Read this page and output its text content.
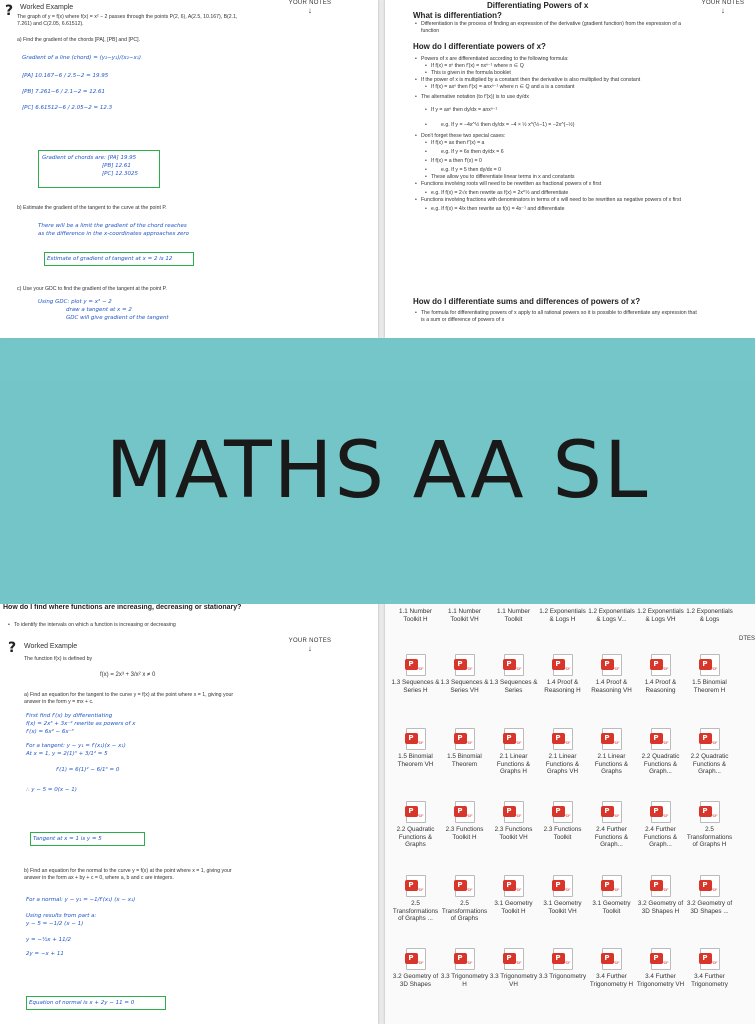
? Worked Example
YOUR NOTES
↓
The graph of y = f(x) where f(x) = x² − 2 passes through the points P(2, 6), A(2.5, 10.167), B(2.1, 7.261) and C(2.05, 6.61512).
a) Find the gradient of the chords [PA], [PB] and [PC].
Gradient of a line (chord) = (y₂−y₁)/(x₂−x₁)
[PA] 10.167−6 / 2.5−2 = 19.95
[PB] 7.261−6 / 2.1−2 = 12.61
[PC] 6.61512−6 / 2.05−2 = 12.3
Gradient of chords are: [PA] 19.95
[PB] 12.61
[PC] 12.3025
b) Estimate the gradient of the tangent to the curve at the point P.
There will be a limit the gradient of the chord reaches
as the difference in the x-coordinates approaches zero
Estimate of gradient of tangent at x = 2 is 12
c) Use your GDC to find the gradient of the tangent at the point P.
Using GDC: plot y = x³ − 2
draw a tangent at x = 2
GDC will give gradient of the tangent
Differentiating Powers of x	YOUR NOTES
↓
What is differentiation?
• Differentiation is the process of finding an expression of the derivative (gradient function) from the expression of a function
How do I differentiate powers of x?
• Powers of x are differentiated according to the following formula:
• If f(x) = xⁿ then f′(x) = nxⁿ⁻¹ where n ∈ Q
• This is given in the formula booklet
• If the power of x is multiplied by a constant then the derivative is also multiplied by that constant
• If f(x) = axⁿ then f′(x) = anxⁿ⁻¹ where n ∈ Q and a is a constant
• The alternative notation (to f′(x)) is to use dy/dx
• If y = axⁿ then dy/dx = anxⁿ⁻¹
• e.g. If y = −4x^½ then dy/dx = −4 × ½ x^(½−1) = −2x^(−½)
• Don't forget these two special cases:
• If f(x) = ax then f′(x) = a
• e.g. If y = 6x then dy/dx = 6
• If f(x) = a then f′(x) = 0
• e.g. If y = 5 then dy/dx = 0
• These allow you to differentiate linear terms in x and constants
• Functions involving roots will need to be rewritten as fractional powers of x first
• e.g. If f(x) = 2√x then rewrite as f(x) = 2x^½ and differentiate
• Functions involving fractions with denominators in terms of x will need to be rewritten as negative powers of x first
• e.g. If f(x) = 4/x then rewrite as f(x) = 4x⁻¹ and differentiate
How do I differentiate sums and differences of powers of x?
• The formula for differentiating powers of x apply to all rational powers so it is possible to differentiate any expression that is a sum or difference of powers of x
How do I find where functions are increasing, decreasing or stationary?
• To identify the intervals on which a function is increasing or decreasing
YOUR NOTES
↓
? Worked Example
The function f(x) is defined by
f(x) = 2x³ + 3/x² x ≠ 0
a) Find an equation for the tangent to the curve y = f(x) at the point where x = 1, giving your answer in the form y = mx + c.
First find f′(x) by differentiating
f(x) = 2x³ + 3x⁻² rewrite as powers of x
f′(x) = 6x² − 6x⁻³
For a tangent: y − y₁ = f′(x₁)(x − x₁)
At x = 1, y = 2(1)³ + 3/1² = 5
f′(1) = 6(1)² − 6/1³ = 0
∴ y − 5 = 0(x − 1)
Tangent at x = 1 is y = 5
b) Find an equation for the normal to the curve y = f(x) at the point where x = 1, giving your answer in the form ax + by + c = 0, where a, b and c are integers.
For a normal: y − y₁ = −1/f′(x₁) (x − x₁)
Using results from part a:
y − 5 = −1/2 (x − 1)
y = −½x + 11/2
2y = −x + 11
Equation of normal is x + 2y − 11 = 0
1.1 Number Toolkit H
1.1 Number Toolkit VH
1.1 Number Toolkit
1.2 Exponentials & Logs H
1.2 Exponentials & Logs V...
1.2 Exponentials & Logs VH
1.2 Exponentials & Logs
P
PDF
1.3 Sequences & Series H
P
PDF
1.3 Sequences & Series VH
P
PDF
1.3 Sequences & Series
P
PDF
1.4 Proof & Reasoning H
P
PDF
1.4 Proof & Reasoning VH
P
PDF
1.4 Proof & Reasoning
P
PDF
1.5 Binomial Theorem H
P
PDF
1.5 Binomial Theorem VH
P
PDF
1.5 Binomial Theorem
P
PDF
2.1 Linear Functions & Graphs H
P
PDF
2.1 Linear Functions & Graphs VH
P
PDF
2.1 Linear Functions & Graphs
P
PDF
2.2 Quadratic Functions & Graph...
P
PDF
2.2 Quadratic Functions & Graph...
P
PDF
2.2 Quadratic Functions & Graphs
P
PDF
2.3 Functions Toolkit H
P
PDF
2.3 Functions Toolkit VH
P
PDF
2.3 Functions Toolkit
P
PDF
2.4 Further Functions & Graph...
P
PDF
2.4 Further Functions & Graph...
P
PDF
2.5 Transformations of Graphs H
P
PDF
2.5 Transformations of Graphs ...
P
PDF
2.5 Transformations of Graphs
P
PDF
3.1 Geometry Toolkit H
P
PDF
3.1 Geometry Toolkit VH
P
PDF
3.1 Geometry Toolkit
P
PDF
3.2 Geometry of 3D Shapes H
P
PDF
3.2 Geometry of 3D Shapes ...
P
PDF
3.2 Geometry of 3D Shapes
P
PDF
3.3 Trigonometry H
P
PDF
3.3 Trigonometry VH
P
PDF
3.3 Trigonometry
P
PDF
3.4 Further Trigonometry H
P
PDF
3.4 Further Trigonometry VH
P
PDF
3.4 Further Trigonometry
DTES
MATHS AA SL
